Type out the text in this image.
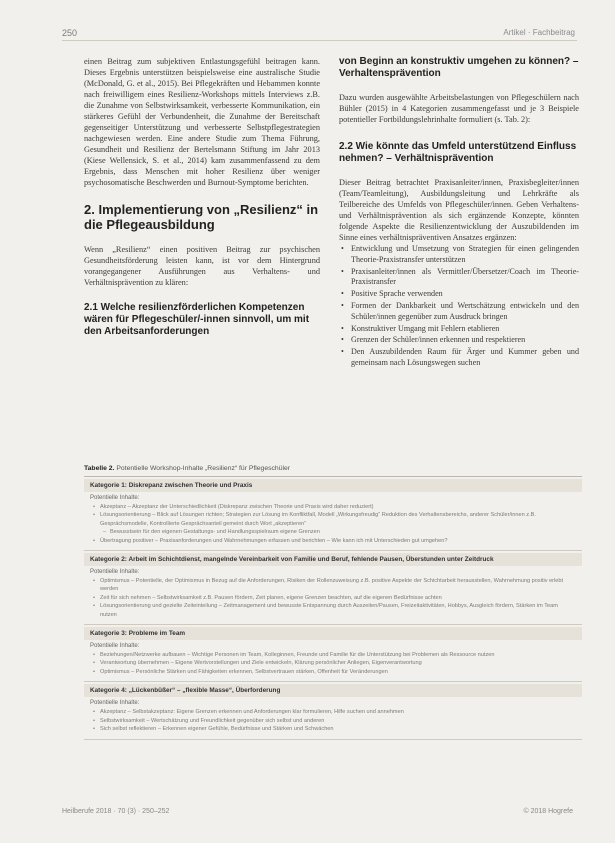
250	Artikel · Fachbeitrag

einen Beitrag zum subjektiven Entlastungsgefühl beitragen kann. Dieses Ergebnis unterstützen beispielsweise eine australische Studie (McDonald, G. et al., 2015). Bei Pflegekräften und Hebammen konnte nach freiwilligem eines Resilienz-Workshops mittels Interviews z.B. die Zunahme von Selbstwirksamkeit, verbesserte Kommunikation, ein stärkeres Gefühl der Verbundenheit, die Zunahme der Bereitschaft gegenseitiger Unterstützung und verbesserte Selbstpflegestrategien nachgewiesen werden. Eine andere Studie zum Thema Führung, Gesundheit und Resilienz der Bertelsmann Stiftung im Jahr 2013 (Kiese Wellensick, S. et al., 2014) kam zusammenfassend zu dem Ergebnis, dass Menschen mit hoher Resilienz über weniger psychosomatische Beschwerden und Burnout-Symptome berichten.

2. Implementierung von „Resilienz“ in die Pflegeausbildung

Wenn „Resilienz“ einen positiven Beitrag zur psychischen Gesundheitsförderung leisten kann, ist vor dem Hintergrund vorangegangener Ausführungen aus Verhaltens- und Verhältnisprävention zu klären:

2.1 Welche resilienzförderlichen Kompetenzen wären für Pflegeschüler/-innen sinnvoll, um mit den Arbeitsanforderungen
von Beginn an konstruktiv umgehen zu können? – Verhaltensprävention

Dazu wurden ausgewählte Arbeitsbelastungen von Pflegeschülern nach Bühler (2015) in 4 Kategorien zusammengefasst und je 3 Beispiele potentieller Fortbildungslehrinhalte formuliert (s. Tab. 2):

2.2 Wie könnte das Umfeld unterstützend Einfluss nehmen? – Verhältnisprävention

Dieser Beitrag betrachtet Praxisanleiter/innen, Praxisbegleiter/innen (Team/Teamleitung), Ausbildungsleitung und Lehrkräfte als Teilbereiche des Umfelds von Pflegeschüler/innen. Geben Verhaltens- und Verhältnisprävention als sich ergänzende Konzepte, könnten folgende Aspekte die Resilienzentwicklung der Auszubildenden im Sinne eines verhältnispräventiven Ansatzes ergänzen:

• Entwicklung und Umsetzung von Strategien für einen gelingenden Theorie-Praxistransfer unterstützen
• Praxisanleiter/innen als Vermittler/Übersetzer/Coach im Theorie-Praxistransfer
• Positive Sprache verwenden
• Formen der Dankbarkeit und Wertschätzung entwickeln und den Schüler/innen gegenüber zum Ausdruck bringen
• Konstruktiver Umgang mit Fehlern etablieren
• Grenzen der Schüler/innen erkennen und respektieren
• Den Auszubildenden Raum für Ärger und Kummer geben und gemeinsam nach Lösungswegen suchen
Tabelle 2. Potentielle Workshop-Inhalte „Resilienz“ für Pflegeschüler
Kategorie 1: Diskrepanz zwischen Theorie und Praxis
Potentielle Inhalte:
• Akzeptanz – Akzeptanz der Unterschiedlichkeit (Diskrepanz zwischen Theorie und Praxis wird daher reduziert)
• Lösungsorientierung – Blick auf Lösungen richten; Strategien zur Lösung im Konfliktfall, Modell „Wirkungsfreudig“ Reduktion des Verhaltensbereichs, anderer Schüler/innen z.B. Gesprächsmodelle, Kontrollierte Gesprächsanteil gemeint durch Wort „akzeptieren“
– Bewusstsein für den eigenen Gestaltungs- und Handlungsspielraum eigene Grenzen
• Übertragung positiver – Praxisanforderungen und Wahrnehmungen erfassen und berichten – Wie kann ich mit Unterschieden gut umgehen?
Kategorie 2: Arbeit im Schichtdienst, mangelnde Vereinbarkeit von Familie und Beruf, fehlende Pausen, Überstunden unter Zeitdruck
Potentielle Inhalte:
• Optimismus – Potentielle, der Optimismus in Bezug auf die Anforderungen, Risiken der Rollenzuweisung z.B. positive Aspekte der Schichtarbeit herausstellen, Wahrnehmung positiv erlebt werden
• Zeit für sich nehmen – Selbstwirksamkeit z.B. Pausen fördern, Zeit planen, eigene Grenzen beachten, auf die eigenen Bedürfnisse achten
• Lösungsorientierung und gezielte Zeiteinteilung – Zeitmanagement und bewusste Entspannung durch Auszeiten/Pausen, Freizeitaktivitäten, Hobbys, Ausgleich fördern, Stärken im Team nutzen
Kategorie 3: Probleme im Team
Potentielle Inhalte:
• Beziehungen/Netzwerke aufbauen – Wichtige Personen im Team, Kolleginnen, Freunde und Familie für die Unterstützung bei Problemen als Ressource nutzen
• Verantwortung übernehmen – Eigene Wertvorstellungen und Ziele entwickeln, Klärung persönlicher Anliegen, Eigenverantwortung
• Optimismus – Persönliche Stärken und Fähigkeiten erkennen, Selbstvertrauen stärken, Offenheit für Veränderungen
Kategorie 4: „Lückenbüßer“ – „flexible Masse“, Überforderung
Potentielle Inhalte:
• Akzeptanz – Selbstakzeptanz: Eigene Grenzen erkennen und Anforderungen klar formulieren, Hilfe suchen und annehmen
• Selbstwirksamkeit – Wertschätzung und Freundlichkeit gegenüber sich selbst und anderen
• Sich selbst reflektieren – Erkennen eigener Gefühle, Bedürfnisse und Stärken und Schwächen
Heilberufe 2018 · 70 (3) · 250–252	© 2018 Hogrefe
